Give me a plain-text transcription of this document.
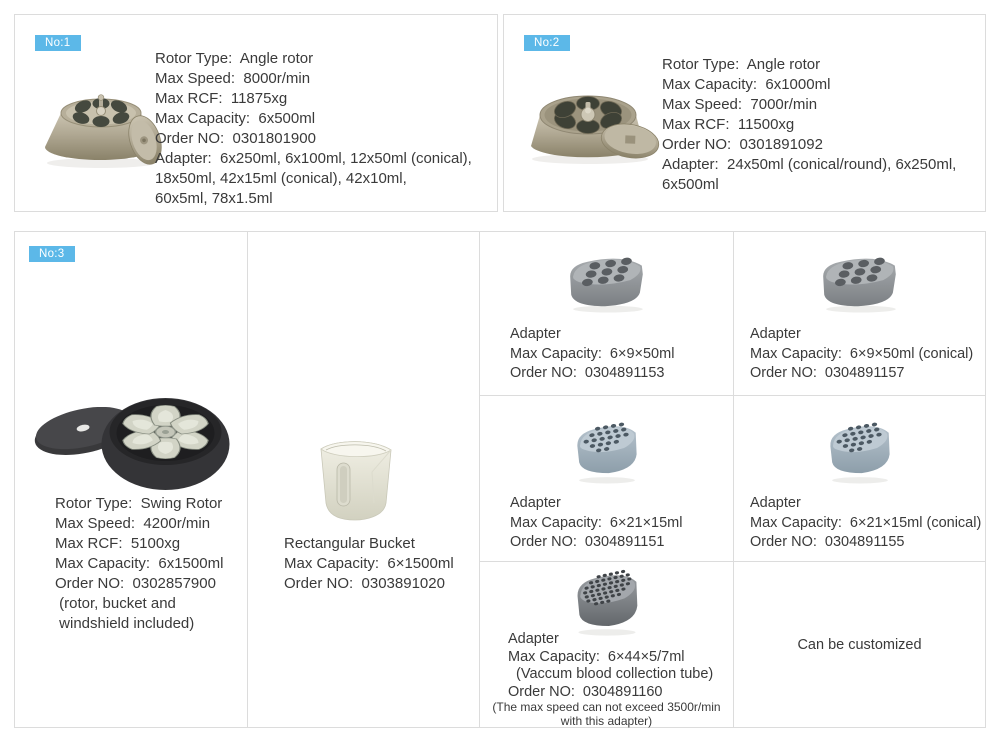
No:1
Rotor Type:  Angle rotor
Max Speed:  8000r/min
Max RCF:  11875xg
Max Capacity:  6x500ml
Order NO:  0301801900
Adapter:  6x250ml, 6x100ml, 12x50ml (conical),
18x50ml, 42x15ml (conical), 42x10ml,
60x5ml, 78x1.5ml
No:2
Rotor Type:  Angle rotor
Max Capacity:  6x1000ml
Max Speed:  7000r/min
Max RCF:  11500xg
Order NO:  0301891092
Adapter:  24x50ml (conical/round), 6x250ml,
6x500ml
No:3
Rotor Type:  Swing Rotor
Max Speed:  4200r/min
Max RCF:  5100xg
Max Capacity:  6x1500ml
Order NO:  0302857900
(rotor, bucket and
windshield included)
Rectangular Bucket
Max Capacity:  6×1500ml
Order NO:  0303891020
Adapter
Max Capacity:  6×9×50ml
Order NO:  0304891153
Adapter
Max Capacity:  6×9×50ml (conical)
Order NO:  0304891157
Adapter
Max Capacity:  6×21×15ml
Order NO:  0304891151
Adapter
Max Capacity:  6×21×15ml (conical)
Order NO:  0304891155
Adapter
Max Capacity:  6×44×5/7ml
(Vaccum blood collection tube)
Order NO:  0304891160
(The max speed can not exceed 3500r/min
with this adapter)
Can be customized
